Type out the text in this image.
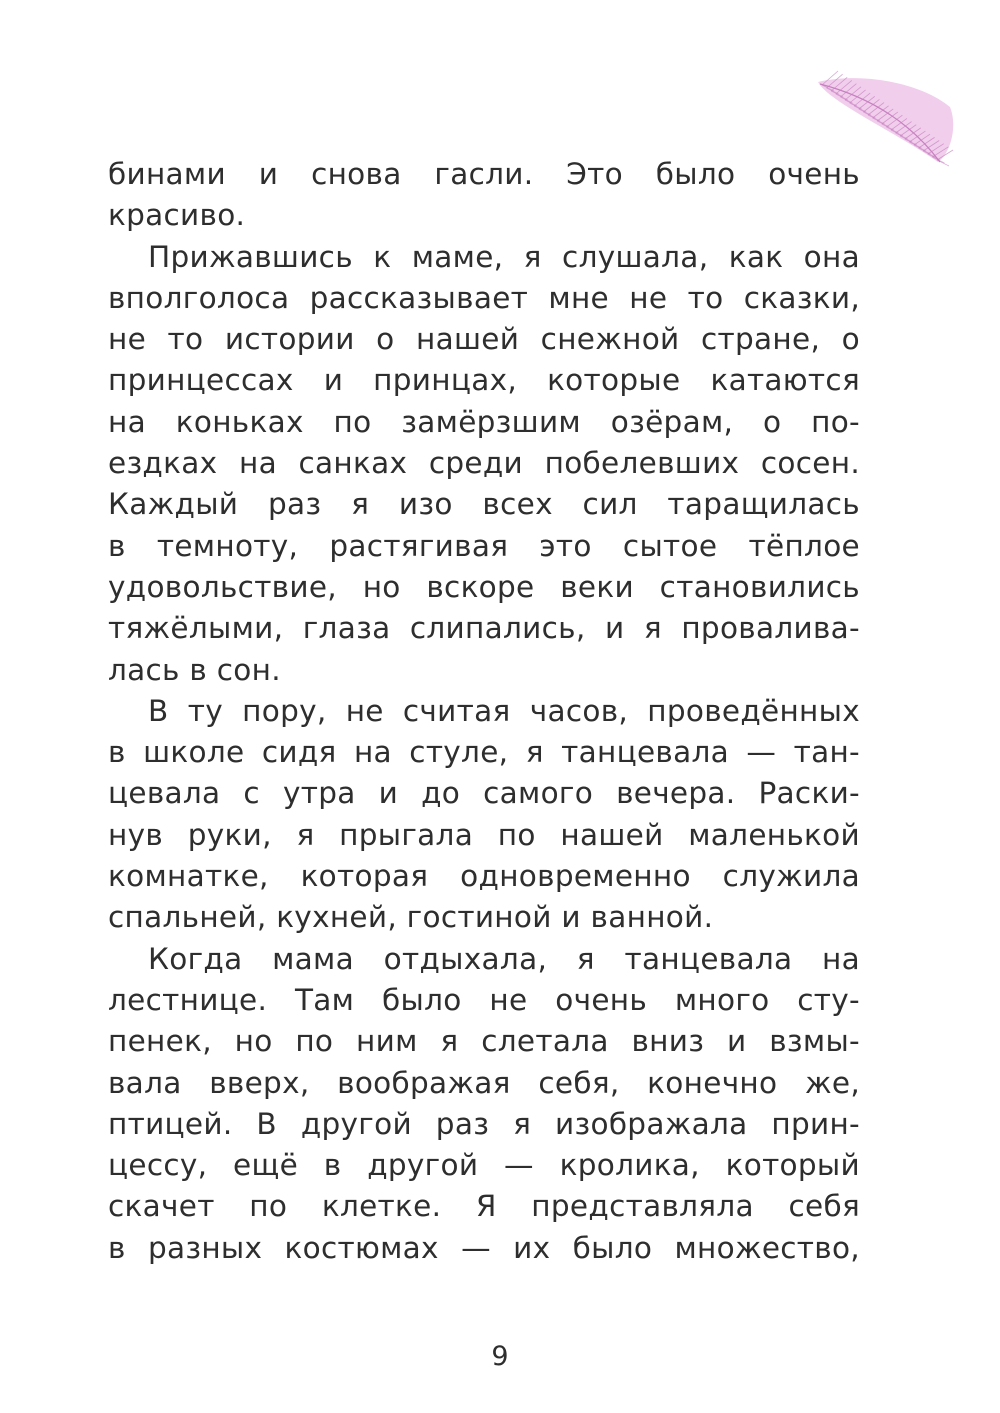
бинами и снова гасли. Это было очень
красиво.
Прижавшись к маме, я слушала, как она
вполголоса рассказывает мне не то сказки,
не то истории о нашей снежной стране, о
принцессах и принцах, которые катаются
на коньках по замёрзшим озёрам, о по-
ездках на санках среди побелевших сосен.
Каждый раз я изо всех сил таращилась
в темноту, растягивая это сытое тёплое
удовольствие, но вскоре веки становились
тяжёлыми, глаза слипались, и я проваливa-
лась в сон.
В ту пору, не считая часов, проведённых
в школе сидя на стуле, я танцевала — тан-
цевала с утра и до самого вечера. Раски-
нув руки, я прыгала по нашей маленькой
комнатке, которая одновременно служила
спальней, кухней, гостиной и ванной.
Когда мама отдыхала, я танцевала на
лестнице. Там было не очень много сту-
пенек, но по ним я слетала вниз и взмы-
вала вверх, воображая себя, конечно же,
птицей. В другой раз я изображала прин-
цессу, ещё в другой — кролика, который
скачет по клетке. Я представляла себя
в разных костюмах — их было множество,
9
